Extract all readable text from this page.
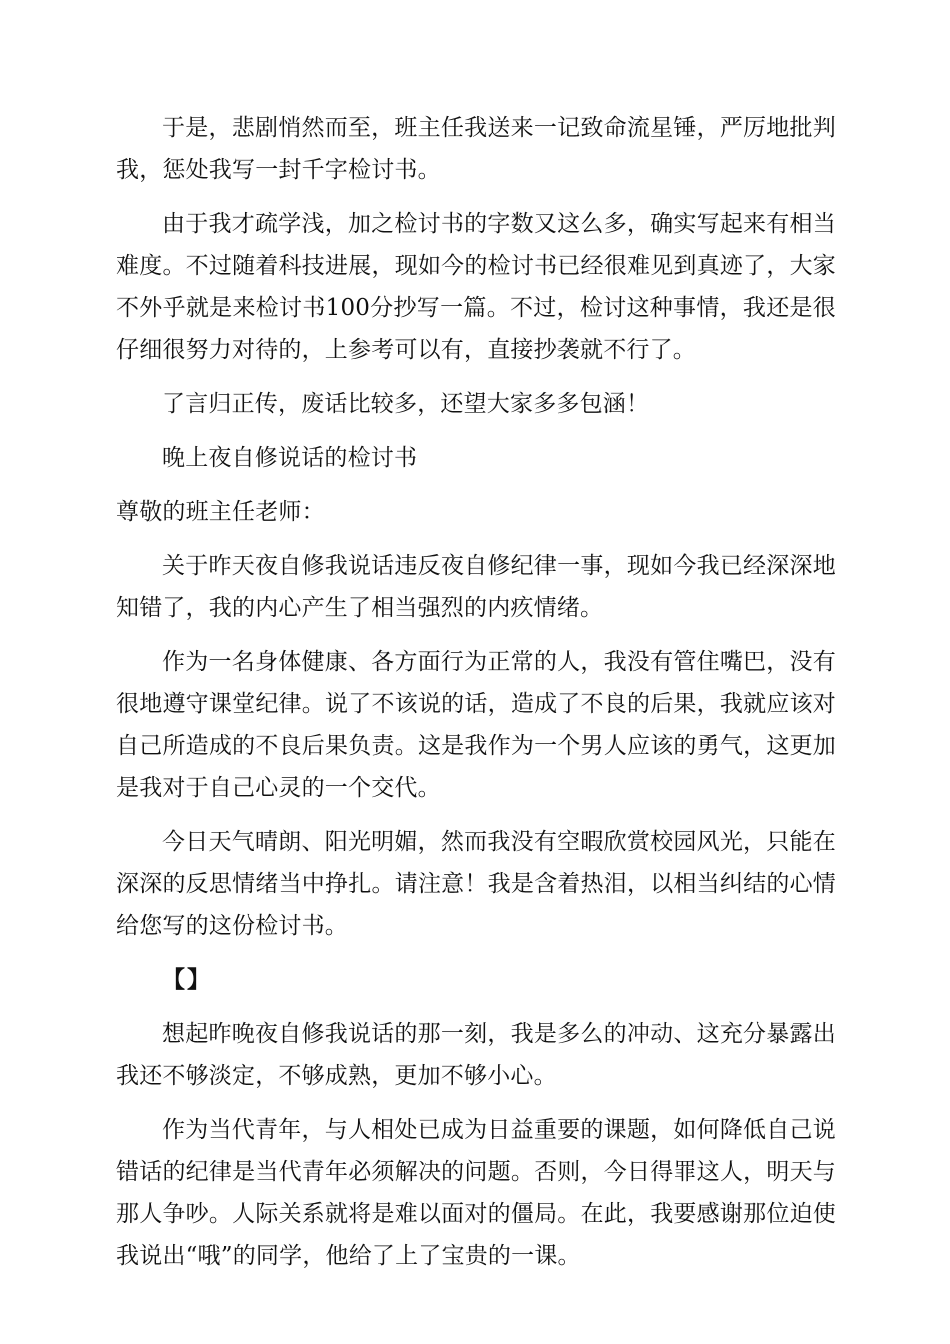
于是，悲剧悄然而至，班主任我送来一记致命流星锤，严厉地批判我，惩处我写一封千字检讨书。

由于我才疏学浅，加之检讨书的字数又这么多，确实写起来有相当难度。不过随着科技进展，现如今的检讨书已经很难见到真迹了，大家不外乎就是来检讨书100分抄写一篇。不过，检讨这种事情，我还是很仔细很努力对待的，上参考可以有，直接抄袭就不行了。

了言归正传，废话比较多，还望大家多多包涵！

晚上夜自修说话的检讨书

尊敬的班主任老师：

关于昨天夜自修我说话违反夜自修纪律一事，现如今我已经深深地知错了，我的内心产生了相当强烈的内疚情绪。

作为一名身体健康、各方面行为正常的人，我没有管住嘴巴，没有很地遵守课堂纪律。说了不该说的话，造成了不良的后果，我就应该对自己所造成的不良后果负责。这是我作为一个男人应该的勇气，这更加是我对于自己心灵的一个交代。

今日天气晴朗、阳光明媚，然而我没有空暇欣赏校园风光，只能在深深的反思情绪当中挣扎。请注意！我是含着热泪，以相当纠结的心情给您写的这份检讨书。

【】

想起昨晚夜自修我说话的那一刻，我是多么的冲动、这充分暴露出我还不够淡定，不够成熟，更加不够小心。

作为当代青年，与人相处已成为日益重要的课题，如何降低自己说错话的纪律是当代青年必须解决的问题。否则，今日得罪这人，明天与那人争吵。人际关系就将是难以面对的僵局。在此，我要感谢那位迫使我说出“哦”的同学，他给了上了宝贵的一课。
